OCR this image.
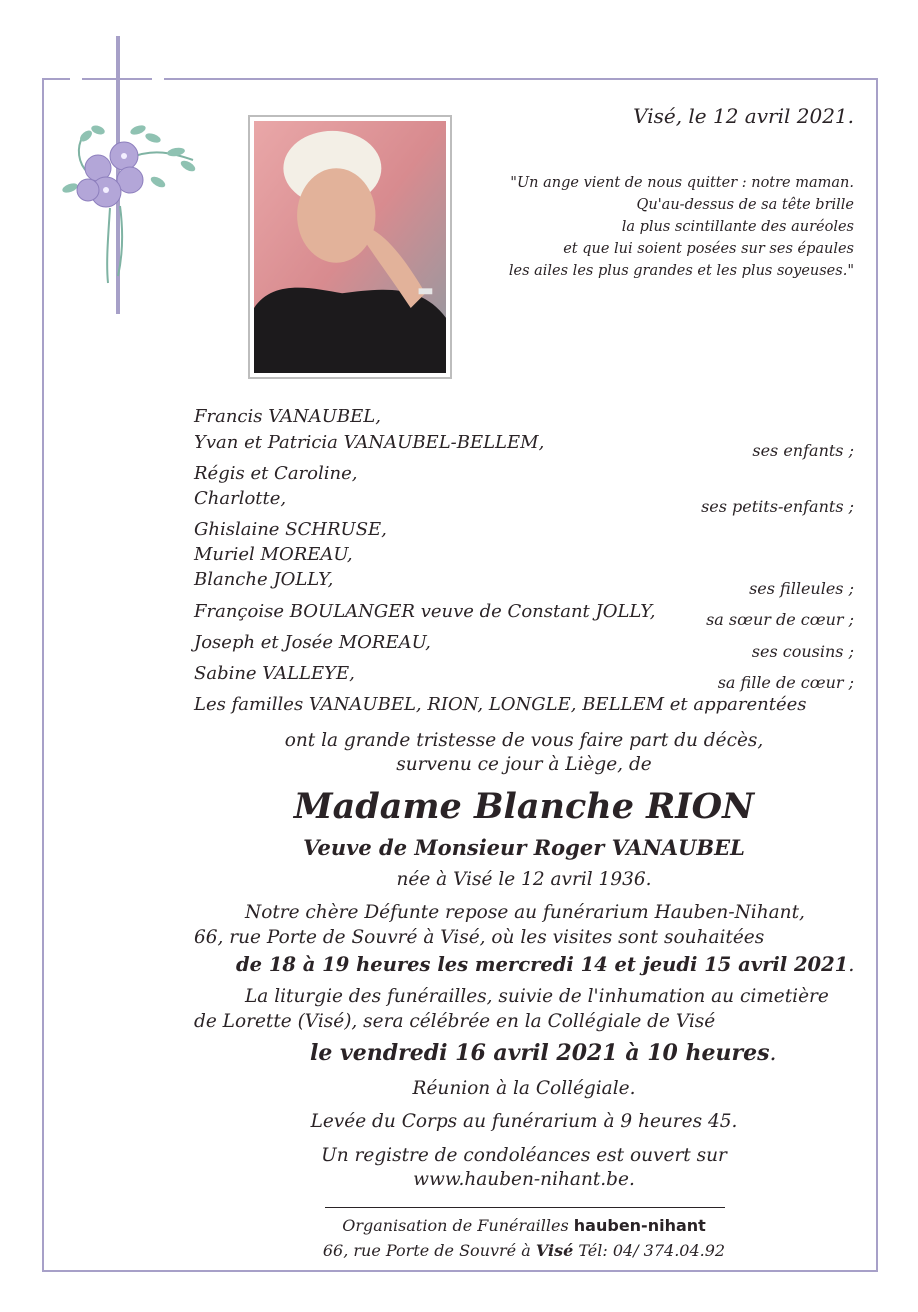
Visé, le 12 avril 2021.
"Un ange vient de nous quitter : notre maman.
Qu'au-dessus de sa tête brille
la plus scintillante des auréoles
et que lui soient posées sur ses épaules
les ailes les plus grandes et les plus soyeuses."
Francis VANAUBEL,
Yvan et Patricia VANAUBEL-BELLEM,
Régis et Caroline,
Charlotte,
Ghislaine SCHRUSE,
Muriel MOREAU,
Blanche JOLLY,
Françoise BOULANGER veuve de Constant JOLLY,
Joseph et Josée MOREAU,
Sabine VALLEYE,
Les familles VANAUBEL, RION, LONGLE, BELLEM et apparentées
ses enfants ;
ses petits-enfants ;
ses filleules ;
sa sœur de cœur ;
ses cousins ;
sa fille de cœur ;
ont la grande tristesse de vous faire part du décès,
survenu ce jour à Liège, de
Madame Blanche RION
Veuve de Monsieur Roger VANAUBEL
née à Visé le 12 avril 1936.
Notre chère Défunte repose au funérarium Hauben-Nihant,
66, rue Porte de Souvré à Visé, où les visites sont souhaitées
de 18 à 19 heures les mercredi 14 et jeudi 15 avril 2021.
La liturgie des funérailles, suivie de l'inhumation au cimetière
de Lorette (Visé), sera célébrée en la Collégiale de Visé
le vendredi 16 avril 2021 à 10 heures.
Réunion à la Collégiale.
Levée du Corps au funérarium à 9 heures 45.
Un registre de condoléances est ouvert sur
www.hauben-nihant.be.
Organisation de Funérailles hauben-nihant
66, rue Porte de Souvré à Visé Tél: 04/ 374.04.92
